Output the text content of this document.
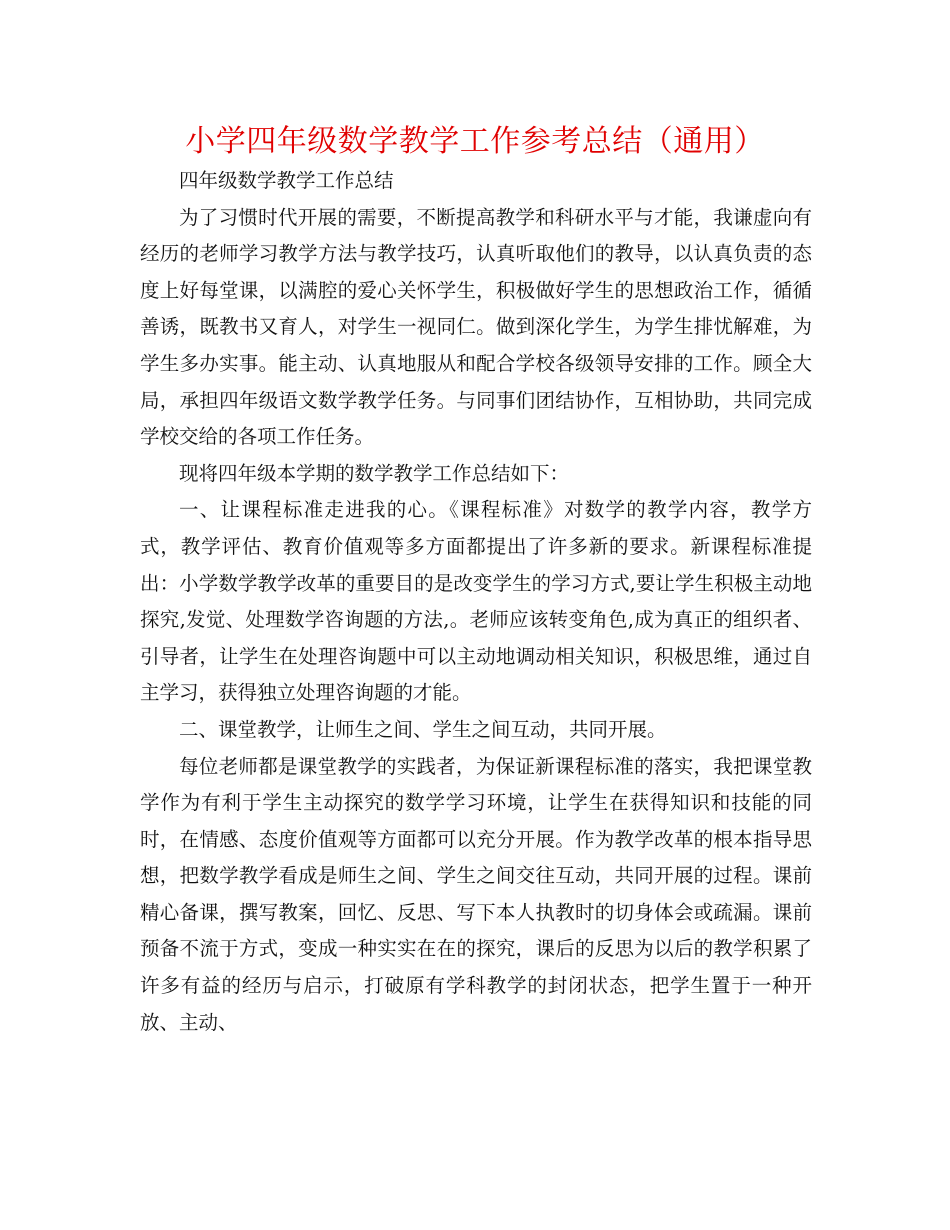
小学四年级数学教学工作参考总结（通用）

四年级数学教学工作总结

为了习惯时代开展的需要，不断提高教学和科研水平与才能，我谦虚向有经历的老师学习教学方法与教学技巧，认真听取他们的教导，以认真负责的态度上好每堂课，以满腔的爱心关怀学生，积极做好学生的思想政治工作，循循善诱，既教书又育人，对学生一视同仁。做到深化学生，为学生排忧解难，为学生多办实事。能主动、认真地服从和配合学校各级领导安排的工作。顾全大局，承担四年级语文数学教学任务。与同事们团结协作，互相协助，共同完成学校交给的各项工作任务。

现将四年级本学期的数学教学工作总结如下：

一、让课程标准走进我的心。《课程标准》对数学的教学内容，教学方式，教学评估、教育价值观等多方面都提出了许多新的要求。新课程标准提出：小学数学教学改革的重要目的是改变学生的学习方式,要让学生积极主动地探究,发觉、处理数学咨询题的方法,。老师应该转变角色,成为真正的组织者、引导者，让学生在处理咨询题中可以主动地调动相关知识，积极思维，通过自主学习，获得独立处理咨询题的才能。

二、课堂教学，让师生之间、学生之间互动，共同开展。

每位老师都是课堂教学的实践者，为保证新课程标准的落实，我把课堂教学作为有利于学生主动探究的数学学习环境，让学生在获得知识和技能的同时，在情感、态度价值观等方面都可以充分开展。作为教学改革的根本指导思想，把数学教学看成是师生之间、学生之间交往互动，共同开展的过程。课前精心备课，撰写教案，回忆、反思、写下本人执教时的切身体会或疏漏。课前预备不流于方式，变成一种实实在在的探究，课后的反思为以后的教学积累了许多有益的经历与启示，打破原有学科教学的封闭状态，把学生置于一种开放、主动、
